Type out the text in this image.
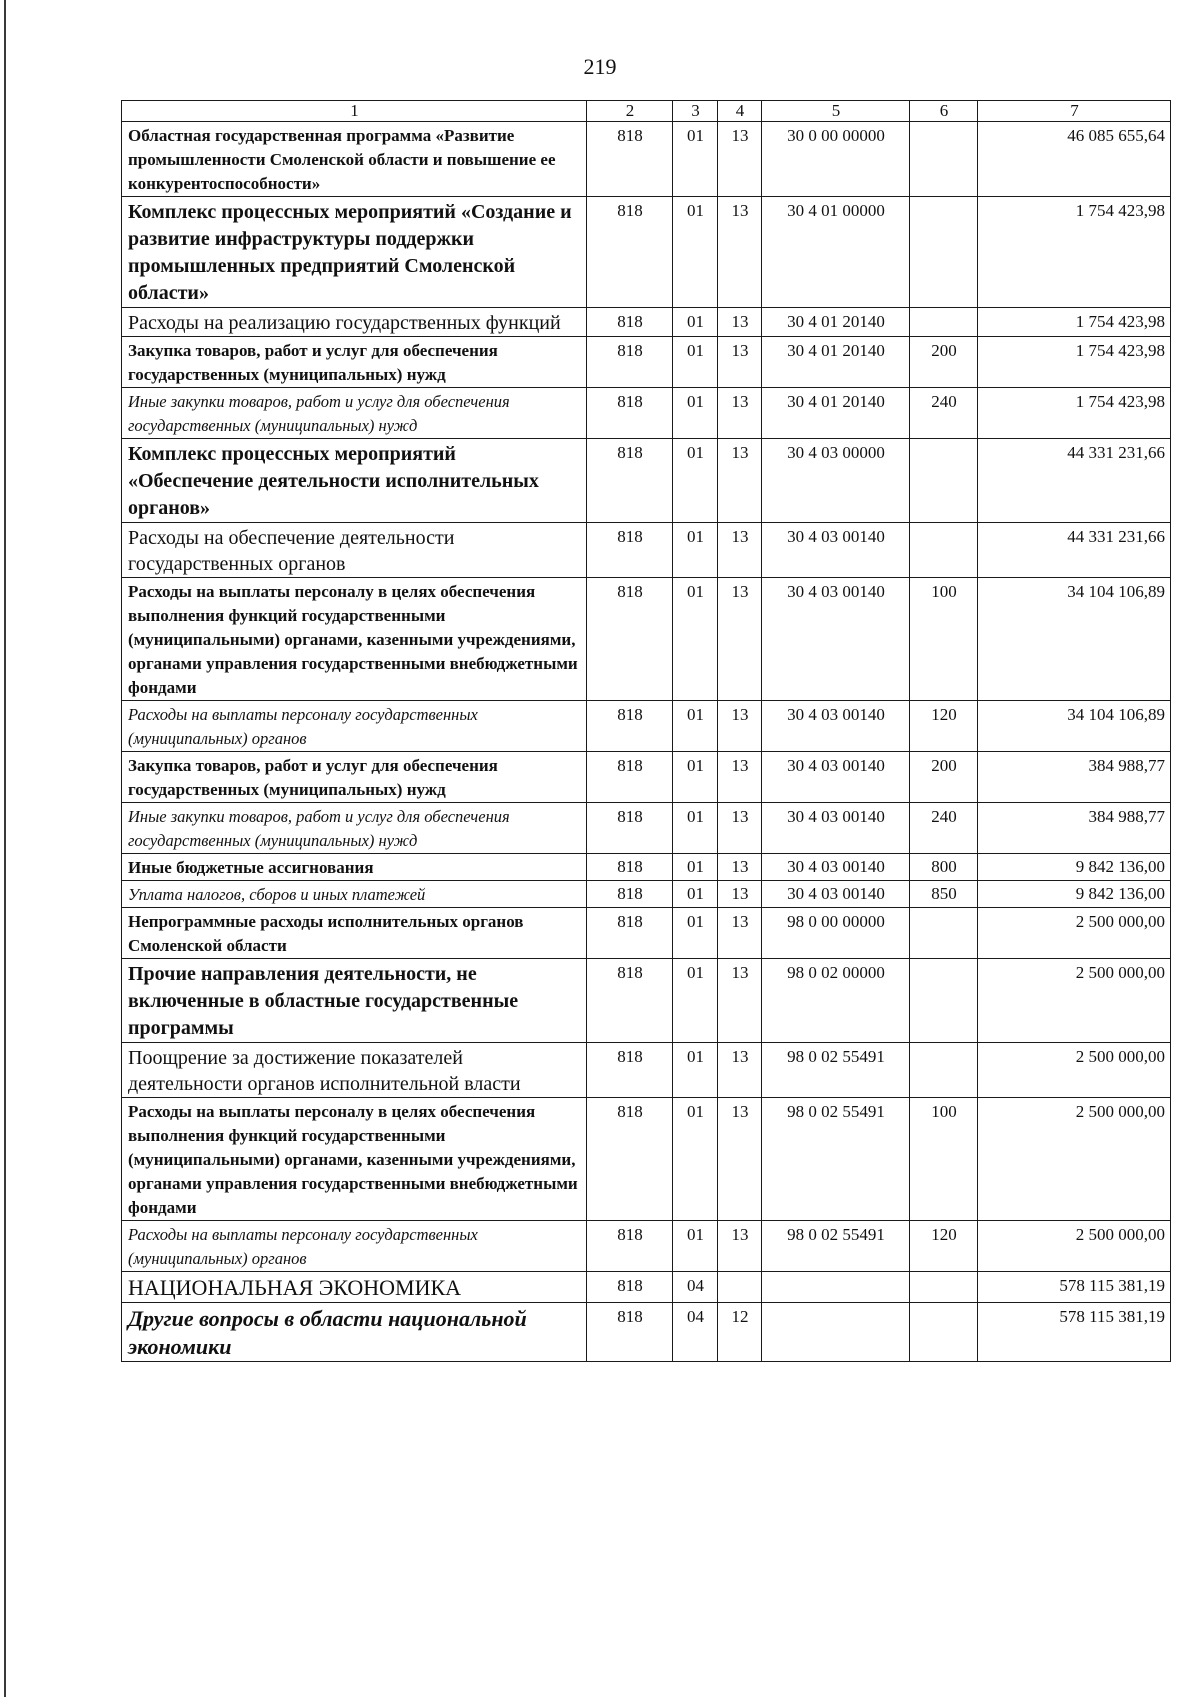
219
1	2	3	4	5	6	7
Областная государственная программа «Развитие промышленности Смоленской области и повышение ее конкурентоспособности»	818	01	13	30 0 00 00000		46 085 655,64
Комплекс процессных мероприятий «Создание и развитие инфраструктуры поддержки промышленных предприятий Смоленской области»	818	01	13	30 4 01 00000		1 754 423,98
Расходы на реализацию государственных функций	818	01	13	30 4 01 20140		1 754 423,98
Закупка товаров, работ и услуг для обеспечения государственных (муниципальных) нужд	818	01	13	30 4 01 20140	200	1 754 423,98
Иные закупки товаров, работ и услуг для обеспечения государственных (муниципальных) нужд	818	01	13	30 4 01 20140	240	1 754 423,98
Комплекс процессных мероприятий «Обеспечение деятельности исполнительных органов»	818	01	13	30 4 03 00000		44 331 231,66
Расходы на обеспечение деятельности государственных органов	818	01	13	30 4 03 00140		44 331 231,66
Расходы на выплаты персоналу в целях обеспечения выполнения функций государственными (муниципальными) органами, казенными учреждениями, органами управления государственными внебюджетными фондами	818	01	13	30 4 03 00140	100	34 104 106,89
Расходы на выплаты персоналу государственных (муниципальных) органов	818	01	13	30 4 03 00140	120	34 104 106,89
Закупка товаров, работ и услуг для обеспечения государственных (муниципальных) нужд	818	01	13	30 4 03 00140	200	384 988,77
Иные закупки товаров, работ и услуг для обеспечения государственных (муниципальных) нужд	818	01	13	30 4 03 00140	240	384 988,77
Иные бюджетные ассигнования	818	01	13	30 4 03 00140	800	9 842 136,00
Уплата налогов, сборов и иных платежей	818	01	13	30 4 03 00140	850	9 842 136,00
Непрограммные расходы исполнительных органов Смоленской области	818	01	13	98 0 00 00000		2 500 000,00
Прочие направления деятельности, не включенные в областные государственные программы	818	01	13	98 0 02 00000		2 500 000,00
Поощрение за достижение показателей деятельности органов исполнительной власти	818	01	13	98 0 02 55491		2 500 000,00
Расходы на выплаты персоналу в целях обеспечения выполнения функций государственными (муниципальными) органами, казенными учреждениями, органами управления государственными внебюджетными фондами	818	01	13	98 0 02 55491	100	2 500 000,00
Расходы на выплаты персоналу государственных (муниципальных) органов	818	01	13	98 0 02 55491	120	2 500 000,00
НАЦИОНАЛЬНАЯ ЭКОНОМИКА	818	04				578 115 381,19
Другие вопросы в области национальной экономики	818	04	12			578 115 381,19
